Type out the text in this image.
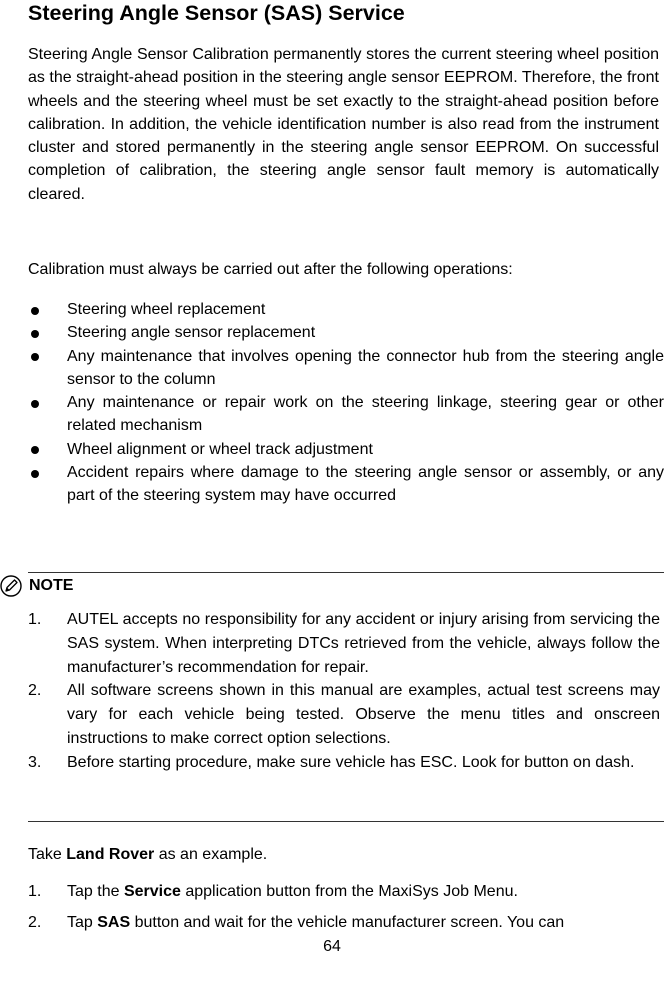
Steering Angle Sensor (SAS) Service

Steering Angle Sensor Calibration permanently stores the current steering wheel position as the straight-ahead position in the steering angle sensor EEPROM. Therefore, the front wheels and the steering wheel must be set exactly to the straight-ahead position before calibration. In addition, the vehicle identification number is also read from the instrument cluster and stored permanently in the steering angle sensor EEPROM. On successful completion of calibration, the steering angle sensor fault memory is automatically cleared.

Calibration must always be carried out after the following operations:

Steering wheel replacement
Steering angle sensor replacement
Any maintenance that involves opening the connector hub from the steering angle sensor to the column
Any maintenance or repair work on the steering linkage, steering gear or other related mechanism
Wheel alignment or wheel track adjustment
Accident repairs where damage to the steering angle sensor or assembly, or any part of the steering system may have occurred
NOTE
1. AUTEL accepts no responsibility for any accident or injury arising from servicing the SAS system. When interpreting DTCs retrieved from the vehicle, always follow the manufacturer’s recommendation for repair.
2. All software screens shown in this manual are examples, actual test screens may vary for each vehicle being tested. Observe the menu titles and onscreen instructions to make correct option selections.
3. Before starting procedure, make sure vehicle has ESC. Look for button on dash.
Take Land Rover as an example.
1. Tap the Service application button from the MaxiSys Job Menu.
2. Tap SAS button and wait for the vehicle manufacturer screen. You can
64
